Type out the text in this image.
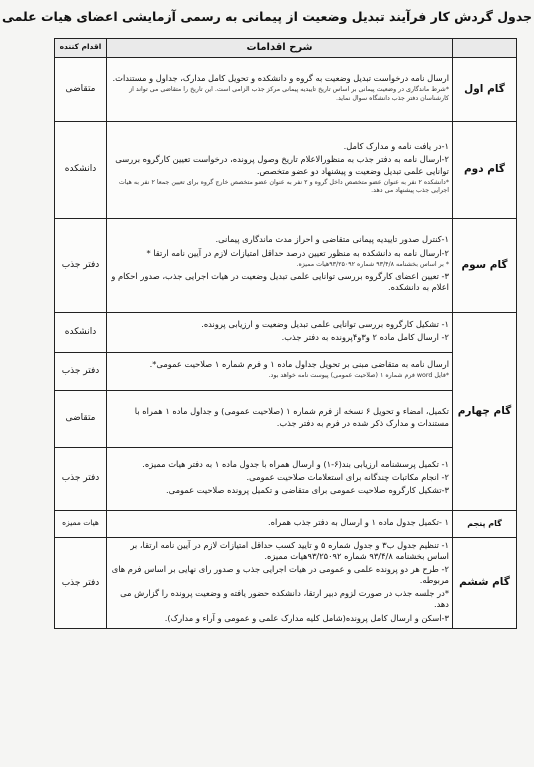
جدول گردش کار فرآیند تبدیل وضعیت از پیمانی به رسمی آزمایشی اعضای هیات علمی
	شرح اقدامات	اقدام کننده

گام اول	ارسال نامه درخواست تبدیل وضعیت به گروه و دانشکده و تحویل کامل مدارک، جداول و مستندات.

*شرط ماندگاری در وضعیت پیمانی بر اساس تاریخ تاییدیه پیمانی مرکز جذب الزامی است. این تاریخ را متقاضی می تواند از کارشناسان دفتر جذب دانشگاه سوال نماید.	متقاضی

گام دوم	۱-در یافت نامه و مدارک کامل.

۲-ارسال نامه به دفتر جذب به منظورالاعلام تاریخ وصول پرونده، درخواست تعیین کارگروه بررسی توانایی علمی تبدیل وضعیت و پیشنهاد دو عضو متخصص.

*دانشکده ۲ نفر به عنوان عضو متخصص داخل گروه و ۲ نفر به عنوان عضو متخصص خارج گروه برای تعیین جمعا ۲ نفر به هیات اجرایی جذب پیشنهاد می دهد.	دانشکده

گام سوم	۱-کنترل صدور تاییدیه پیمانی متقاضی و احراز مدت ماندگاری پیمانی.

۲-ارسال نامه به دانشکده به منظور تعیین درصد حداقل امتیازات لازم در آیین نامه ارتقا *

* بر اساس بخشنامه ۹۳/۴/۸ شماره ۹۳/۲۵۰۹۲هیات ممیزه.

۳- تعیین اعضای کارگروه بررسی توانایی علمی تبدیل وضعیت در هیات اجرایی جذب، صدور احکام و اعلام به دانشکده.	دفتر جذب

گام چهارم	۱- تشکیل کارگروه بررسی توانایی علمی تبدیل وضعیت و ارزیابی پرونده.

۲- ارسال کامل ماده ۲ و۳و۴پرونده به دفتر جذب.	دانشکده

	ارسال نامه به متقاضی مبنی بر تحویل جداول ماده ۱ و فرم شماره ۱ صلاحیت عمومی*.

*فایل word فرم شماره ۱ (صلاحیت عمومی) پیوست نامه خواهد بود.	دفتر جذب

	تکمیل، امضاء و تحویل ۶ نسخه از فرم شماره ۱ (صلاحیت عمومی) و جداول ماده ۱ همراه با مستندات و مدارک ذکر شده در فرم به دفتر جذب.	متقاضی

	۱- تکمیل پرسشنامه ارزیابی بند(۶-۱) و ارسال همراه با جدول ماده ۱ به دفتر هیات ممیزه.

۲- انجام مکاتبات چندگانه برای استعلامات صلاحیت عمومی.

۳-تشکیل کارگروه صلاحیت عمومی برای متقاضی و تکمیل پرونده صلاحیت عمومی.	دفتر جذب

گام پنجم	۱ -تکمیل جدول ماده ۱ و ارسال به دفتر جذب همراه.	هیات ممیزه

گام ششم	۱- تنظیم جدول ب۳ و جدول شماره ۵ و تایید کسب حداقل امتیازات لازم در آیین نامه ارتقا، بر اساس بخشنامه ۹۳/۴/۸ شماره ۹۳/۲۵۰۹۲هیات ممیزه.

۲- طرح هر دو پرونده علمی و عمومی در هیات اجرایی جذب و صدور رای نهایی بر اساس فرم های مربوطه.

*در جلسه جذب در صورت لزوم دبیر ارتقا، دانشکده حضور یافته و وضعیت پرونده را گزارش می دهد.

۳-اسکن و ارسال کامل پرونده(شامل کلیه مدارک علمی و عمومی و آراء و مدارک).	دفتر جذب
